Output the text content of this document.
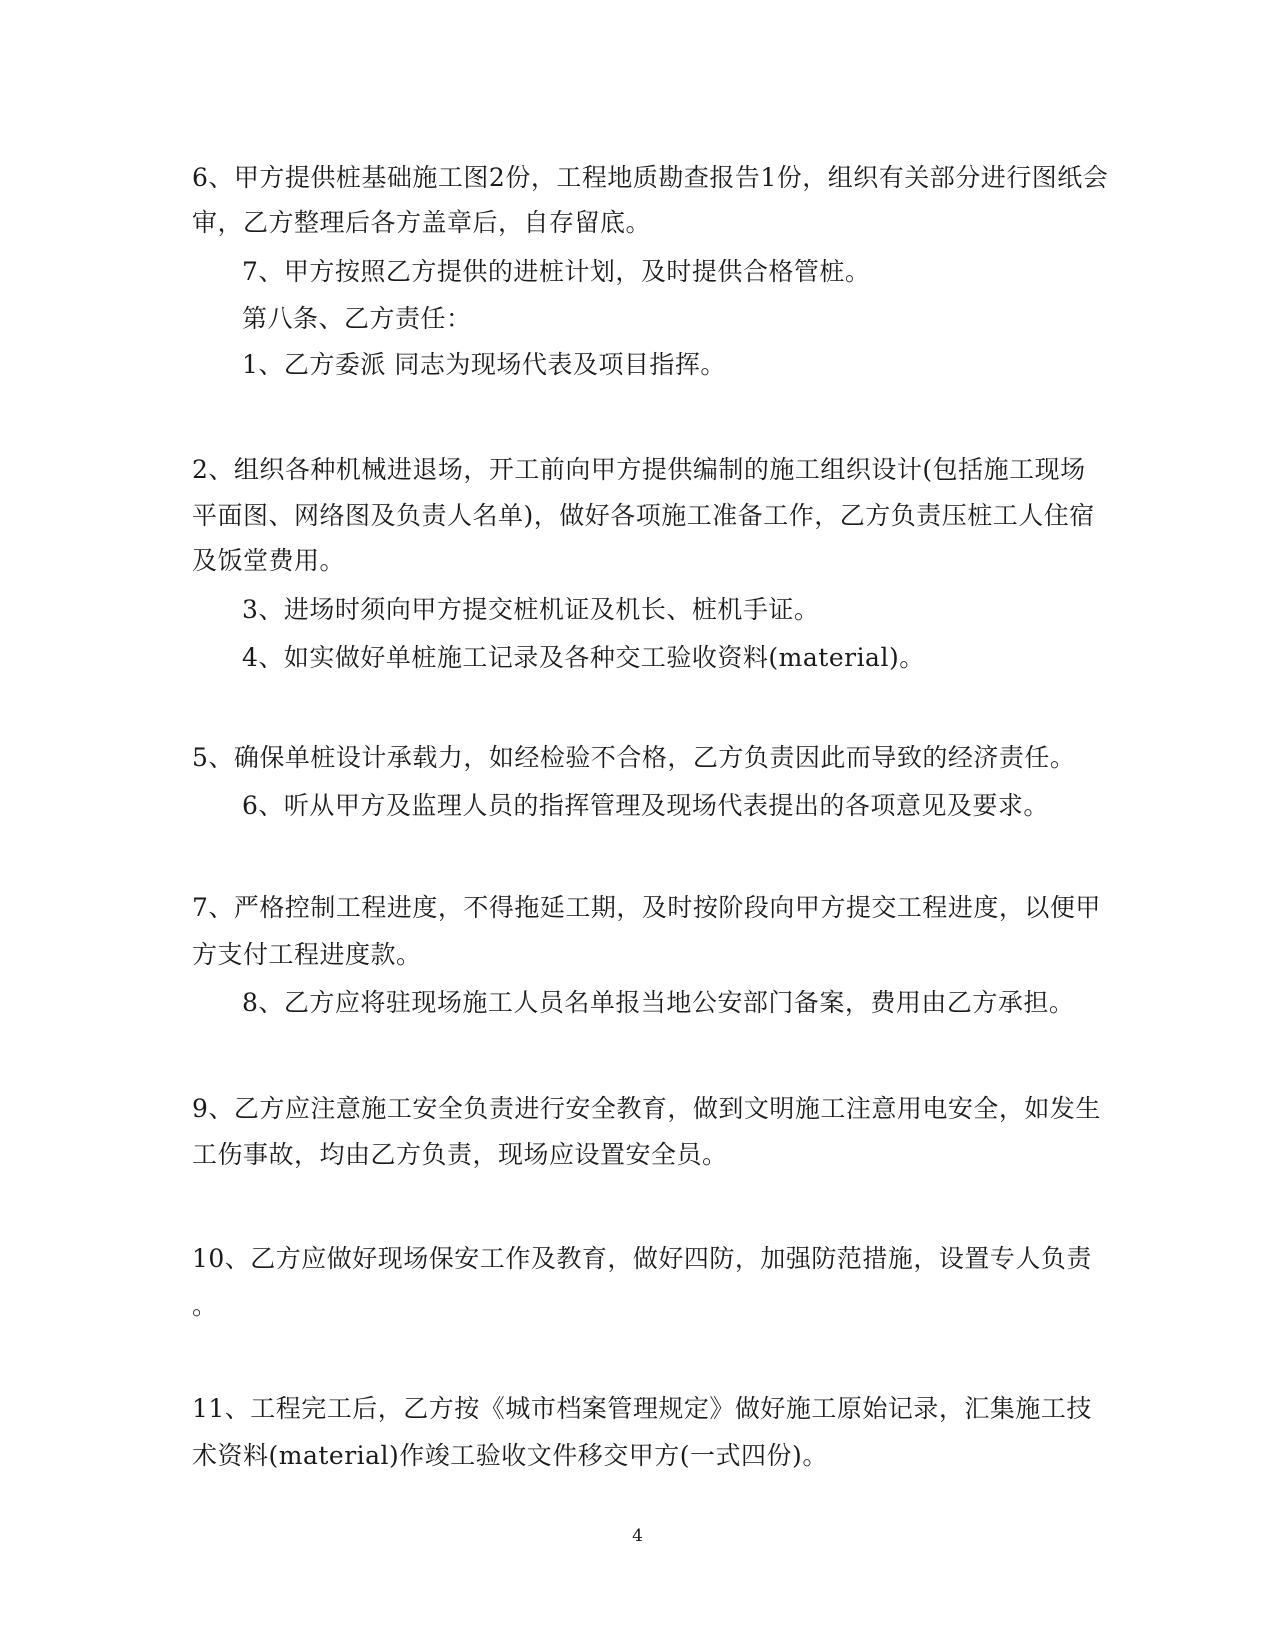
6、甲方提供桩基础施工图2份，工程地质勘查报告1份，组织有关部分进行图纸会
审，乙方整理后各方盖章后，自存留底。
7、甲方按照乙方提供的进桩计划，及时提供合格管桩。
第八条、乙方责任：
1、乙方委派 同志为现场代表及项目指挥。
2、组织各种机械进退场，开工前向甲方提供编制的施工组织设计(包括施工现场
平面图、网络图及负责人名单)，做好各项施工准备工作，乙方负责压桩工人住宿
及饭堂费用。
3、进场时须向甲方提交桩机证及机长、桩机手证。
4、如实做好单桩施工记录及各种交工验收资料(material)。
5、确保单桩设计承载力，如经检验不合格，乙方负责因此而导致的经济责任。
6、听从甲方及监理人员的指挥管理及现场代表提出的各项意见及要求。
7、严格控制工程进度，不得拖延工期，及时按阶段向甲方提交工程进度，以便甲
方支付工程进度款。
8、乙方应将驻现场施工人员名单报当地公安部门备案，费用由乙方承担。
9、乙方应注意施工安全负责进行安全教育，做到文明施工注意用电安全，如发生
工伤事故，均由乙方负责，现场应设置安全员。
10、乙方应做好现场保安工作及教育，做好四防，加强防范措施，设置专人负责
。
11、工程完工后，乙方按《城市档案管理规定》做好施工原始记录，汇集施工技
术资料(material)作竣工验收文件移交甲方(一式四份)。
4
